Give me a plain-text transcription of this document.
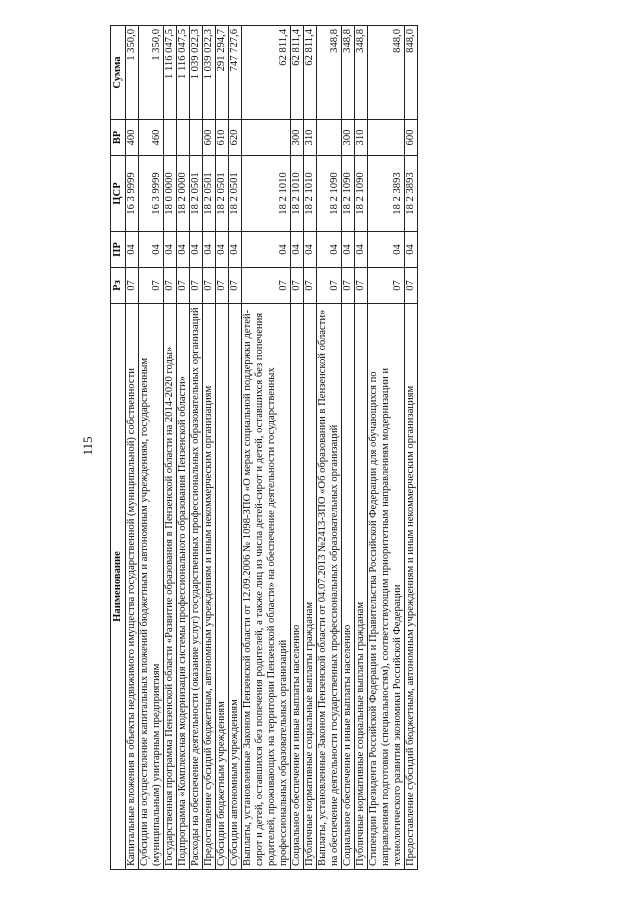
115
Наименование	Рз	ПР	ЦСР	ВР	Сумма
Капитальные вложения в объекты недвижимого имущества государственной (муниципальной) собственности	07	04	16 3 9999	400	1 350,0
Субсидии на осуществление капитальных вложений бюджетным и автономным учреждениям, государственным (муниципальным) унитарным предприятиям	07	04	16 3 9999	460	1 350,0
Государственная программа Пензенской области «Развитие образования в Пензенской области на 2014-2020 годы»	07	04	18 0 0000		1 116 047,5
Подпрограмма «Комплексная модернизация системы профессионального образования Пензенской области»	07	04	18 2 0000		1 116 047,5
Расходы на обеспечение деятельности (оказание услуг) государственных профессиональных образовательных организаций	07	04	18 2 0501		1 039 022,3
Предоставление субсидий бюджетным, автономным учреждениям и иным некоммерческим организациям	07	04	18 2 0501	600	1 039 022,3
Субсидии бюджетным учреждениям	07	04	18 2 0501	610	291 294,7
Субсидии автономным учреждениям	07	04	18 2 0501	620	747 727,6
Выплаты, установленные Законом Пензенской области от 12.09.2006 № 1098-ЗПО «О мерах социальной поддержки детей-сирот и детей, оставшихся без попечения родителей, а также лиц из числа детей-сирот и детей, оставшихся без попечения родителей, проживающих на территории Пензенской области» на обеспечение деятельности государственных профессиональных образовательных организаций	07	04	18 2 1010		62 811,4
Социальное обеспечение и иные выплаты населению	07	04	18 2 1010	300	62 811,4
Публичные нормативные социальные выплаты гражданам	07	04	18 2 1010	310	62 811,4
Выплаты, установленные Законом Пензенской области от 04.07.2013 №2413-ЗПО «Об образовании в Пензенской области» на обеспечение деятельности государственных профессиональных образовательных организаций	07	04	18 2 1090		348,8
Социальное обеспечение и иные выплаты населению	07	04	18 2 1090	300	348,8
Публичные нормативные социальные выплаты гражданам	07	04	18 2 1090	310	348,8
Стипендии Президента Российской Федерации и Правительства Российской Федерации для обучающихся по направлениям подготовки (специальностям), соответствующим приоритетным направлениям модернизации и технологического развития экономики Российской Федерации	07	04	18 2 3893		848,0
Предоставление субсидий бюджетным, автономным учреждениям и иным некоммерческим организациям	07	04	18 2 3893	600	848,0
